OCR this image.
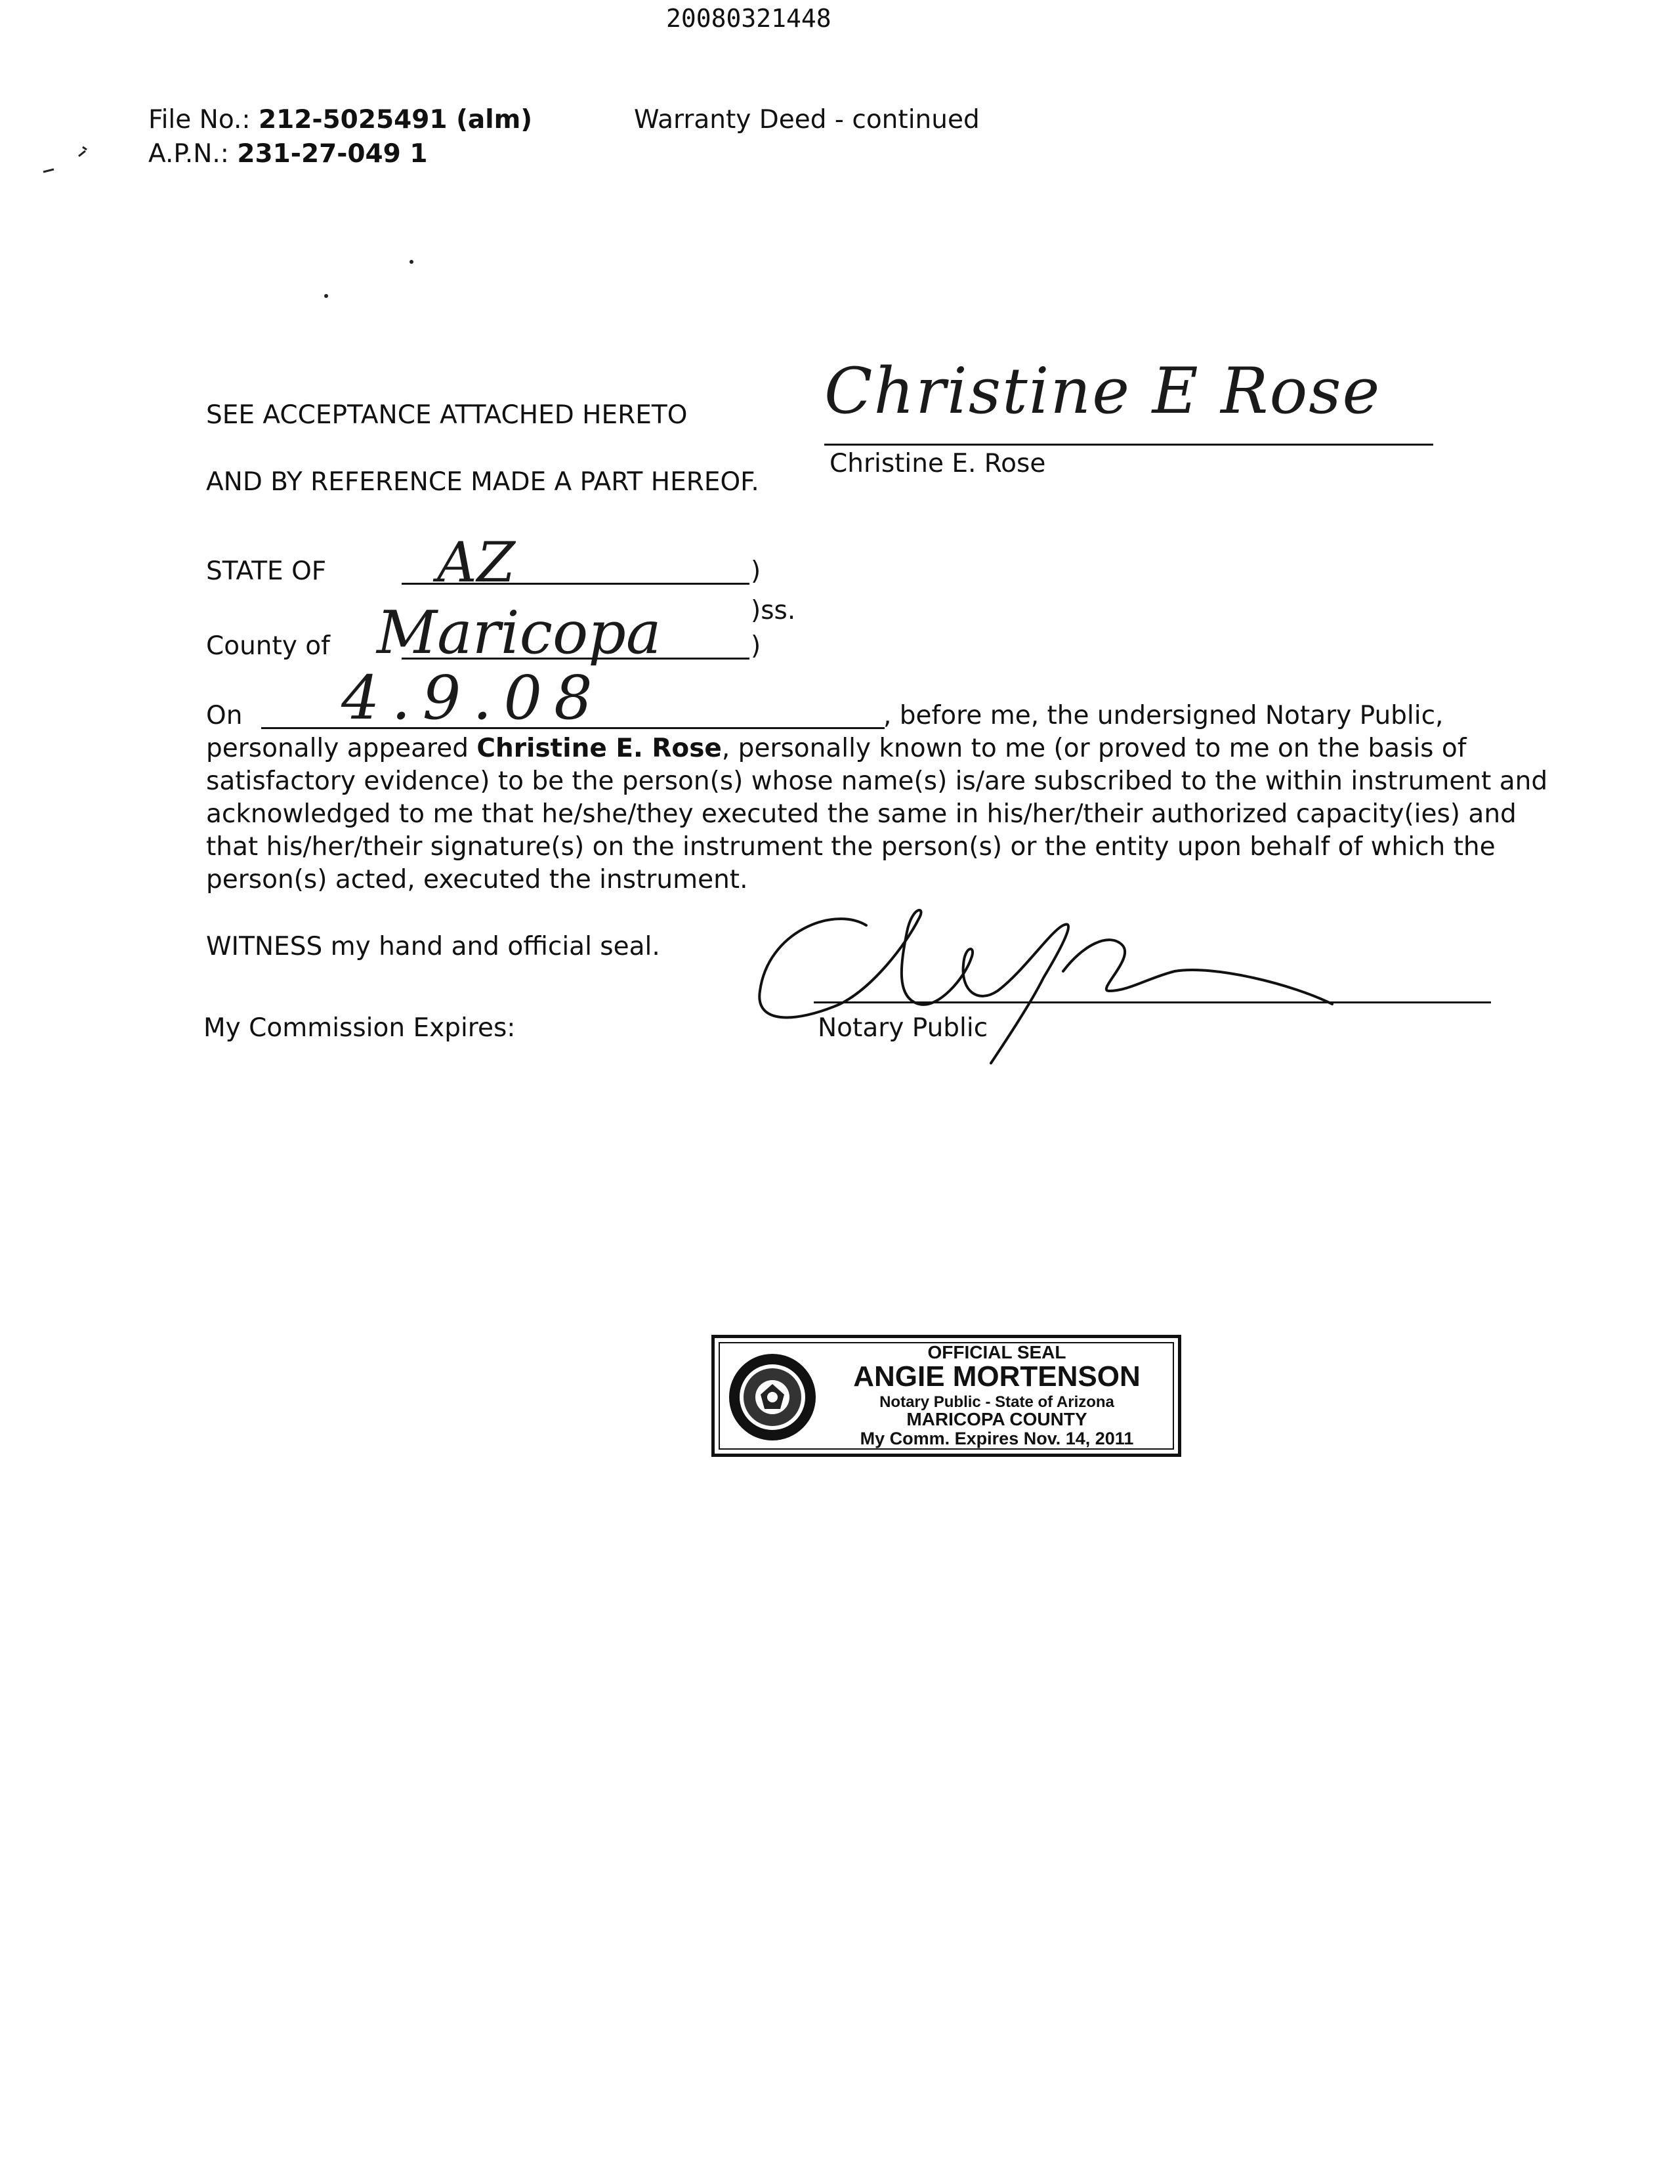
20080321448
File No.: 212-5025491 (alm)
A.P.N.: 231-27-049 1
Warranty Deed - continued
SEE ACCEPTANCE ATTACHED HERETO
AND BY REFERENCE MADE A PART HEREOF.
Christine E Rose
Christine E. Rose
STATE OF AZ	)
County of Maricopa	)ss.
)
On 4.9.08	, before me, the undersigned Notary Public,
personally appeared Christine E. Rose, personally known to me (or proved to me on the basis of
satisfactory evidence) to be the person(s) whose name(s) is/are subscribed to the within instrument and
acknowledged to me that he/she/they executed the same in his/her/their authorized capacity(ies) and
that his/her/their signature(s) on the instrument the person(s) or the entity upon behalf of which the
person(s) acted, executed the instrument.
WITNESS my hand and official seal.
My Commission Expires:	Notary Public
OFFICIAL SEAL
ANGIE MORTENSON
Notary Public - State of Arizona
MARICOPA COUNTY
My Comm. Expires Nov. 14, 2011
